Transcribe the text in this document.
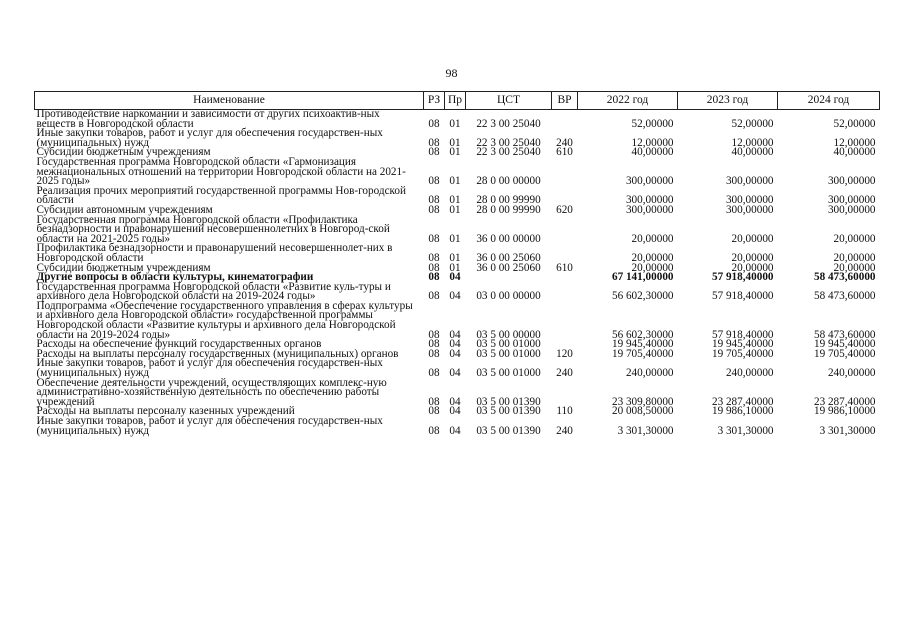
98
Наименование	РЗ	Пр	ЦСТ	ВР	2022 год	2023 год	2024 год
Противодействие наркомании и зависимости от других психоактив-ных веществ в Новгородской области	08	01	22 3 00 25040		52,00000	52,00000	52,00000
Иные закупки товаров, работ и услуг для обеспечения государствен-ных (муниципальных) нужд	08	01	22 3 00 25040	240	12,00000	12,00000	12,00000
Субсидии бюджетным учреждениям	08	01	22 3 00 25040	610	40,00000	40,00000	40,00000
Государственная программа Новгородской области «Гармонизация межнациональных отношений на территории Новгородской области на 2021-2025 годы»	08	01	28 0 00 00000		300,00000	300,00000	300,00000
Реализация прочих мероприятий государственной программы Нов-городской области	08	01	28 0 00 99990		300,00000	300,00000	300,00000
Субсидии автономным учреждениям	08	01	28 0 00 99990	620	300,00000	300,00000	300,00000
Государственная программа Новгородской области «Профилактика безнадзорности и правонарушений несовершеннолетних в Новгород-ской области на 2021-2025 годы»	08	01	36 0 00 00000		20,00000	20,00000	20,00000
Профилактика безнадзорности и правонарушений несовершеннолет-них в Новгородской области	08	01	36 0 00 25060		20,00000	20,00000	20,00000
Субсидии бюджетным учреждениям	08	01	36 0 00 25060	610	20,00000	20,00000	20,00000
Другие вопросы в области культуры, кинематографии	08	04			67 141,00000	57 918,40000	58 473,60000
Государственная программа Новгородской области «Развитие куль-туры и архивного дела Новгородской области на 2019-2024 годы»	08	04	03 0 00 00000		56 602,30000	57 918,40000	58 473,60000
Подпрограмма «Обеспечение государственного управления в сферах культуры и архивного дела Новгородской области» государственной программы Новгородской области «Развитие культуры и архивного дела Новгородской области на 2019-2024 годы»	08	04	03 5 00 00000		56 602,30000	57 918,40000	58 473,60000
Расходы на обеспечение функций государственных органов	08	04	03 5 00 01000		19 945,40000	19 945,40000	19 945,40000
Расходы на выплаты персоналу государственных (муниципальных) органов	08	04	03 5 00 01000	120	19 705,40000	19 705,40000	19 705,40000
Иные закупки товаров, работ и услуг для обеспечения государствен-ных (муниципальных) нужд	08	04	03 5 00 01000	240	240,00000	240,00000	240,00000
Обеспечение деятельности учреждений, осуществляющих комплекс-ную административно-хозяйственную деятельность по обеспечению работы учреждений	08	04	03 5 00 01390		23 309,80000	23 287,40000	23 287,40000
Расходы на выплаты персоналу казенных учреждений	08	04	03 5 00 01390	110	20 008,50000	19 986,10000	19 986,10000
Иные закупки товаров, работ и услуг для обеспечения государствен-ных (муниципальных) нужд	08	04	03 5 00 01390	240	3 301,30000	3 301,30000	3 301,30000
